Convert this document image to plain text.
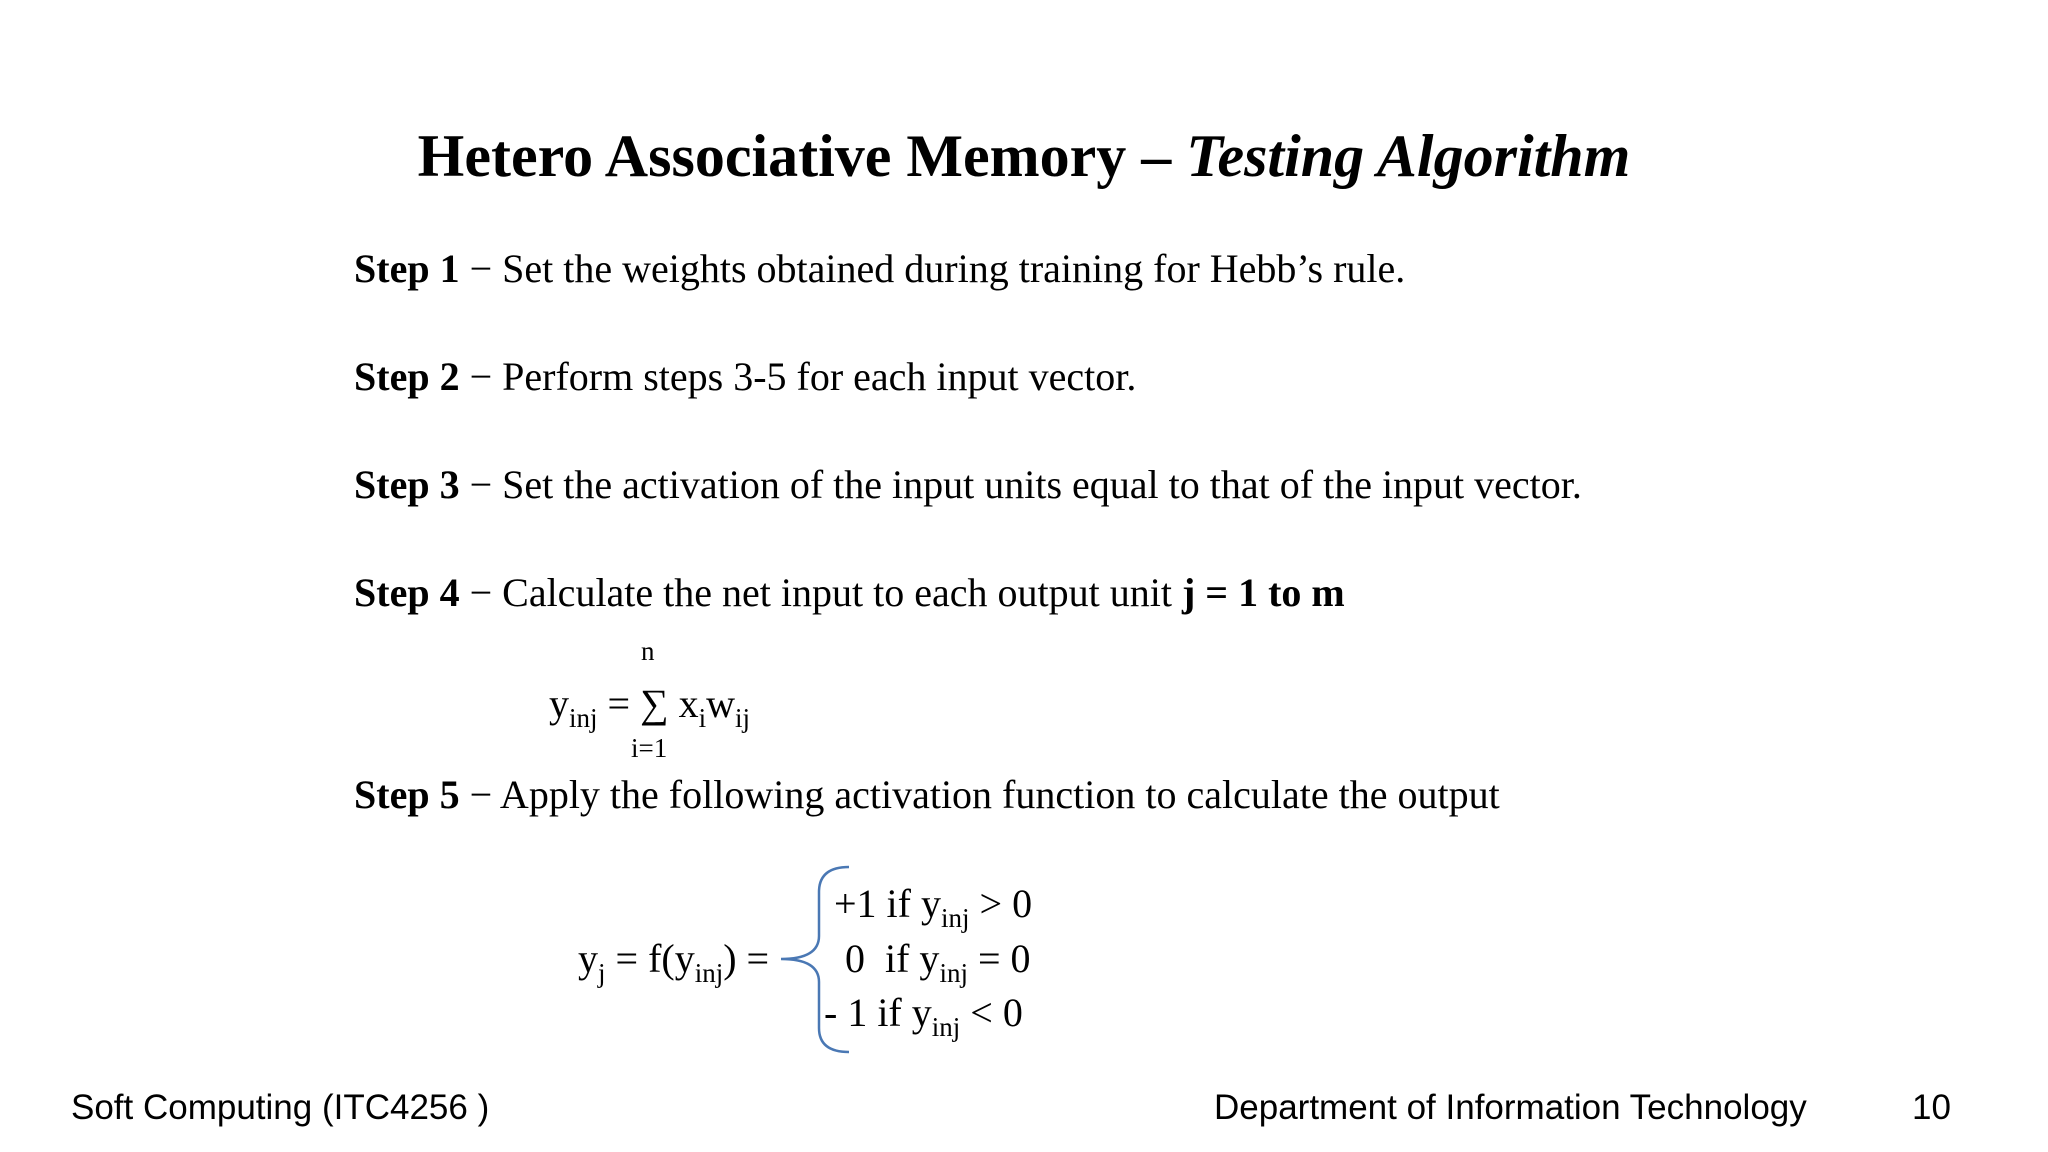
Hetero Associative Memory – Testing Algorithm
Step 1 − Set the weights obtained during training for Hebb’s rule.
Step 2 − Perform steps 3-5 for each input vector.
Step 3 − Set the activation of the input units equal to that of the input vector.
Step 4 − Calculate the net input to each output unit j = 1 to m
n
$y_{inj}$ = ∑ $x_iw_{ij}$
i=1
Step 5 − Apply the following activation function to calculate the output
$y_j = f(y_{inj})$ =
+1 if $y_{inj} > 0$
0  if $y_{inj} = 0$
- 1 if $y_{inj} < 0$
Soft Computing (ITC4256 )	Department of Information Technology	10
